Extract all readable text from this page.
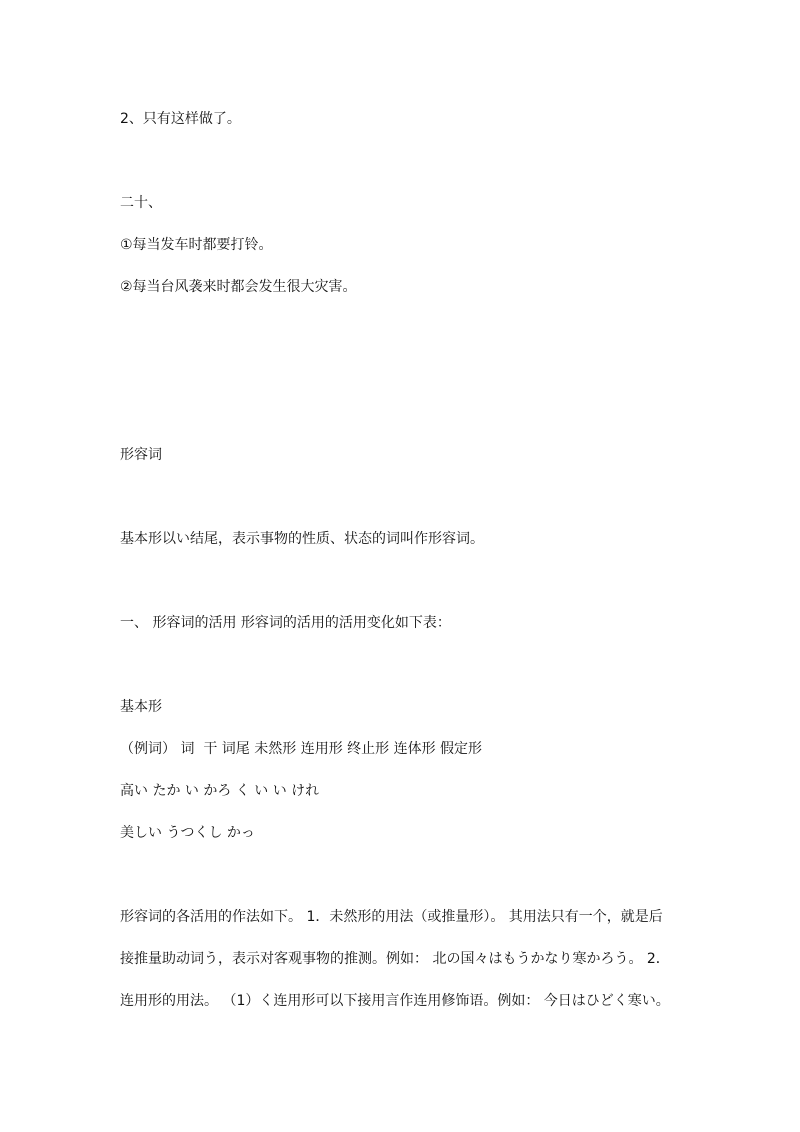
2、只有这样做了。

二十、

①每当发车时都要打铃。

②每当台风袭来时都会发生很大灾害。

形容词

基本形以い结尾，表示事物的性质、状态的词叫作形容词。

一、 形容词的活用 形容词的活用的活用变化如下表：

基本形

（例词） 词  干 词尾 未然形 连用形 终止形 连体形 假定形

高い たか い かろ く い い けれ

美しい うつくし かっ

形容词的各活用的作法如下。 1．未然形的用法（或推量形）。 其用法只有一个，就是后
接推量助动词う，表示对客观事物的推测。例如： 北の国々はもうかなり寒かろう。 2．
连用形的用法。 （1）く连用形可以下接用言作连用修饰语。例如： 今日はひどく寒い。
